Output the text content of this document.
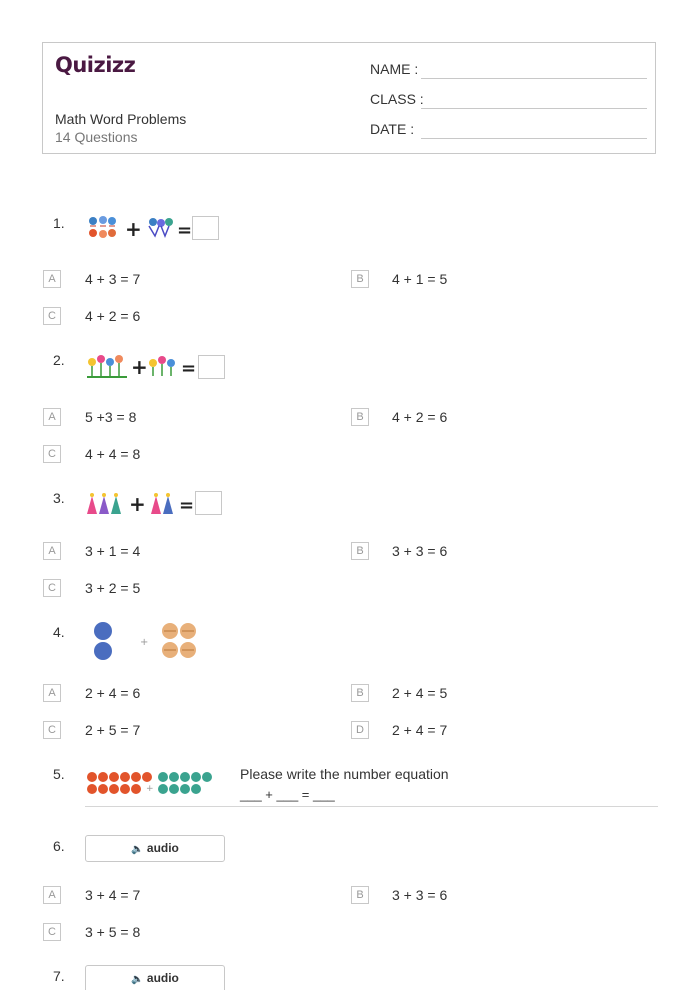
Quizizz
Math Word Problems
14 Questions
NAME :
CLASS :
DATE :
1.	+ =
A	4 + 3 = 7	B	4 + 1 = 5
C	4 + 2 = 6
2.	+ =
A	5 +3 = 8	B	4 + 2 = 6
C	4 + 4 = 8
3.	+ =
A	3 + 1 = 4	B	3 + 3 = 6
C	3 + 2 = 5
4.
+
A	2 + 4 = 6	B	2 + 4 = 5
C	2 + 5 = 7	D	2 + 4 = 7
5.
+
Please write the number equation
___ + ___ = ___
6.	🔈 audio
A	3 + 4 = 7	B	3 + 3 = 6
C	3 + 5 = 8
7.	🔈 audio
